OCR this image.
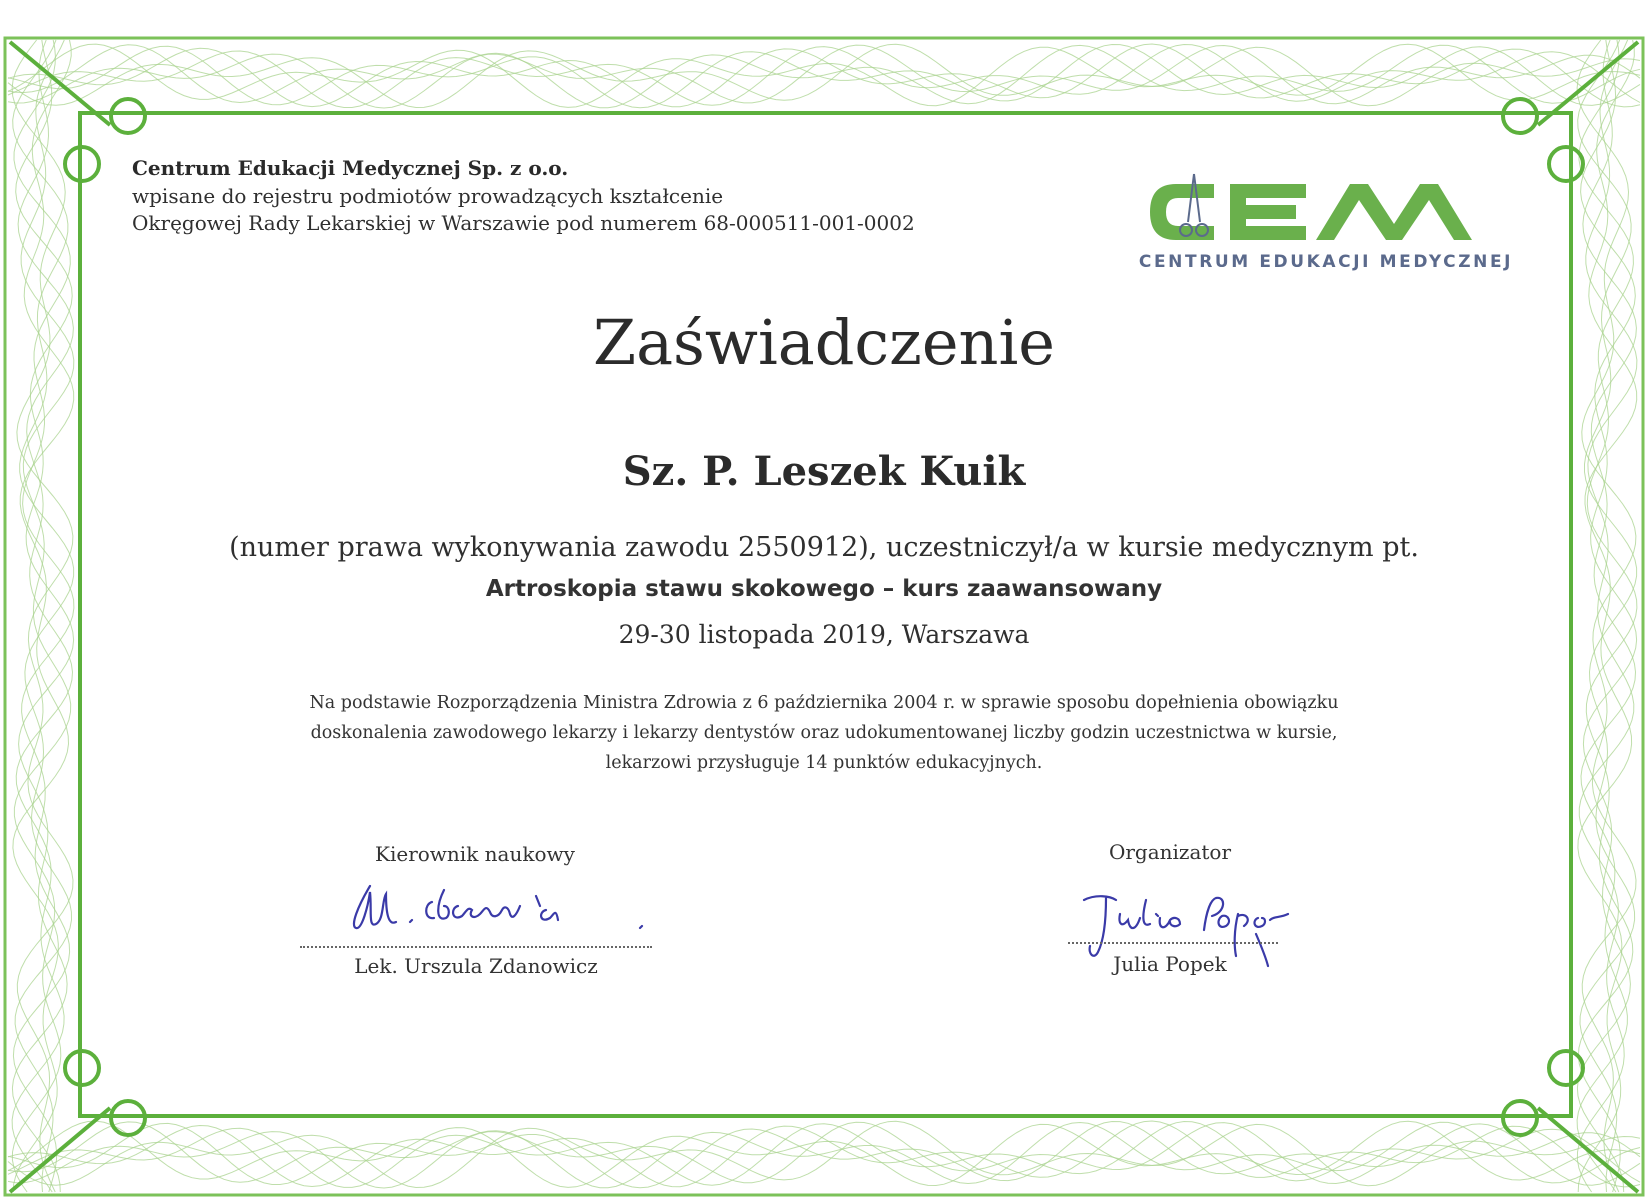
Centrum Edukacji Medycznej Sp. z o.o.
wpisane do rejestru podmiotów prowadzących kształcenie
Okręgowej Rady Lekarskiej w Warszawie pod numerem 68-000511-001-0002
CENTRUM EDUKACJI MEDYCZNEJ
Zaświadczenie
Sz. P. Leszek Kuik
(numer prawa wykonywania zawodu 2550912), uczestniczył/a w kursie medycznym pt.
Artroskopia stawu skokowego – kurs zaawansowany
29-30 listopada 2019, Warszawa
Na podstawie Rozporządzenia Ministra Zdrowia z 6 października 2004 r. w sprawie sposobu dopełnienia obowiązku
doskonalenia zawodowego lekarzy i lekarzy dentystów oraz udokumentowanej liczby godzin uczestnictwa w kursie,
lekarzowi przysługuje 14 punktów edukacyjnych.
Kierownik naukowy
Lek. Urszula Zdanowicz
Organizator
Julia Popek
